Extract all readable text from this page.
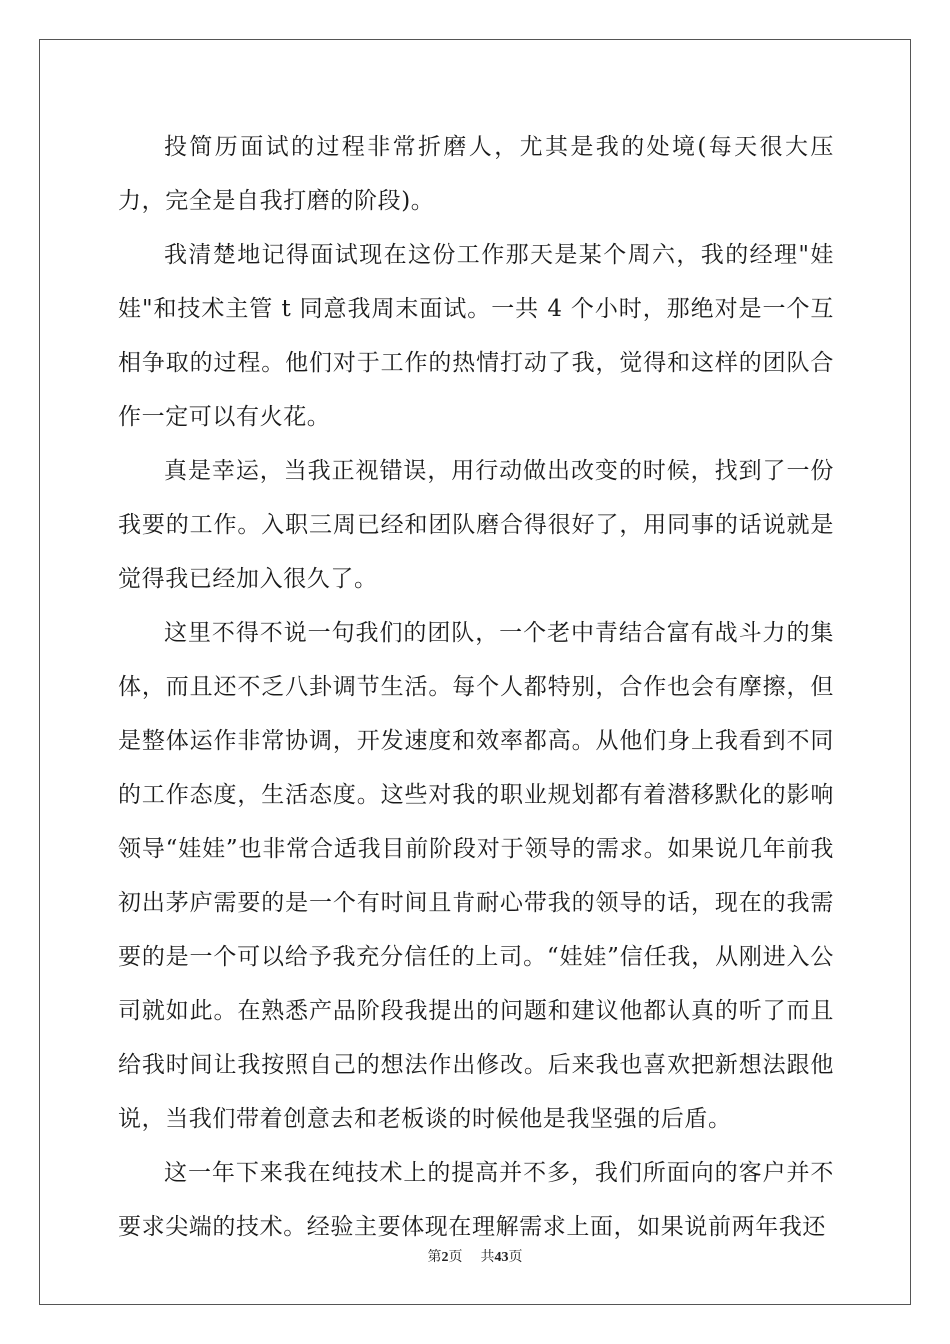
投简历面试的过程非常折磨人，尤其是我的处境(每天很大压力，完全是自我打磨的阶段)。

我清楚地记得面试现在这份工作那天是某个周六，我的经理"娃娃"和技术主管 t 同意我周末面试。一共 4 个小时，那绝对是一个互相争取的过程。他们对于工作的热情打动了我，觉得和这样的团队合作一定可以有火花。

真是幸运，当我正视错误，用行动做出改变的时候，找到了一份我要的工作。入职三周已经和团队磨合得很好了，用同事的话说就是觉得我已经加入很久了。

这里不得不说一句我们的团队，一个老中青结合富有战斗力的集体，而且还不乏八卦调节生活。每个人都特别，合作也会有摩擦，但是整体运作非常协调，开发速度和效率都高。从他们身上我看到不同的工作态度，生活态度。这些对我的职业规划都有着潜移默化的影响领导“娃娃”也非常合适我目前阶段对于领导的需求。如果说几年前我初出茅庐需要的是一个有时间且肯耐心带我的领导的话，现在的我需要的是一个可以给予我充分信任的上司。“娃娃”信任我，从刚进入公司就如此。在熟悉产品阶段我提出的问题和建议他都认真的听了而且给我时间让我按照自己的想法作出修改。后来我也喜欢把新想法跟他说，当我们带着创意去和老板谈的时候他是我坚强的后盾。

这一年下来我在纯技术上的提高并不多，我们所面向的客户并不要求尖端的技术。经验主要体现在理解需求上面，如果说前两年我还

第2页 共43页
